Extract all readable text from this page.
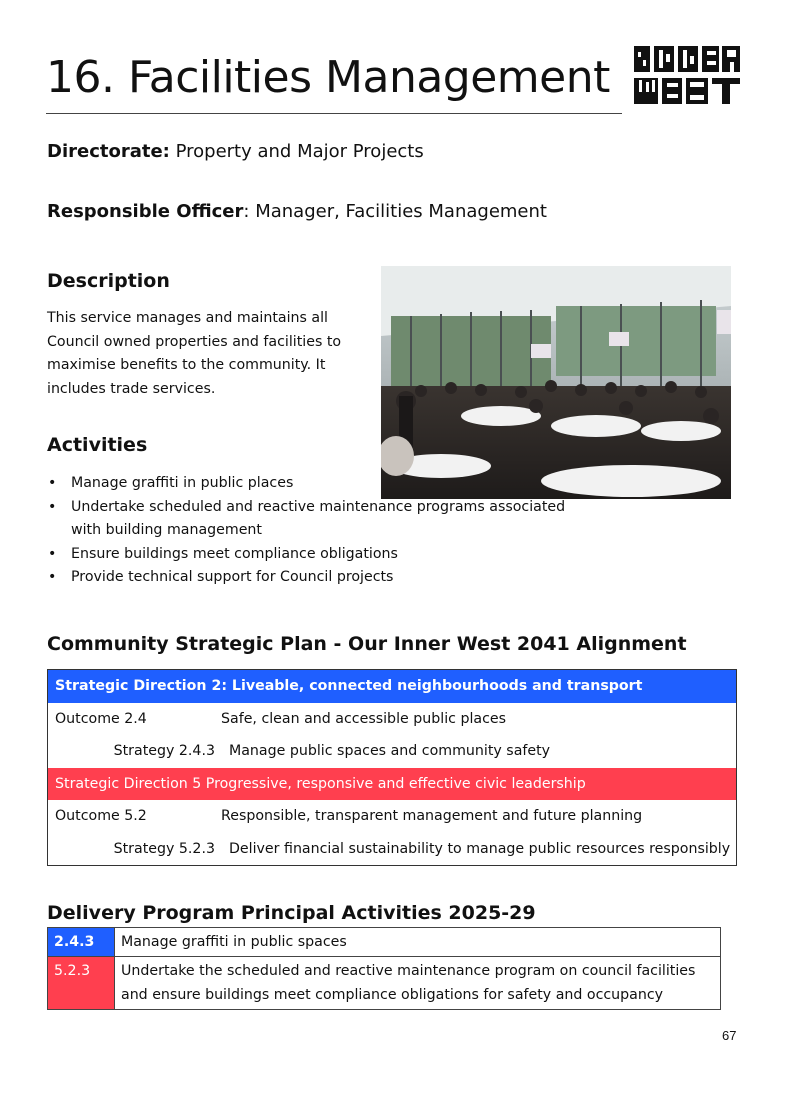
16. Facilities Management
Directorate: Property and Major Projects
Responsible Officer: Manager, Facilities Management
Description
This service manages and maintains all Council owned properties and facilities to maximise benefits to the community. It includes trade services.
Activities
• Manage graffiti in public places
• Undertake scheduled and reactive maintenance programs associated with building management
• Ensure buildings meet compliance obligations
• Provide technical support for Council projects
Community Strategic Plan - Our Inner West 2041 Alignment
Strategic Direction 2: Liveable, connected neighbourhoods and transport	
Outcome 2.4	Safe, clean and accessible public places
Strategy 2.4.3	Manage public spaces and community safety
Strategic Direction 5 Progressive, responsive and effective civic leadership	
Outcome 5.2	Responsible, transparent management and future planning
Strategy 5.2.3	Deliver financial sustainability to manage public resources responsibly
Delivery Program Principal Activities 2025-29
2.4.3	Manage graffiti in public spaces
5.2.3	Undertake the scheduled and reactive maintenance program on council facilities and ensure buildings meet compliance obligations for safety and occupancy
67
